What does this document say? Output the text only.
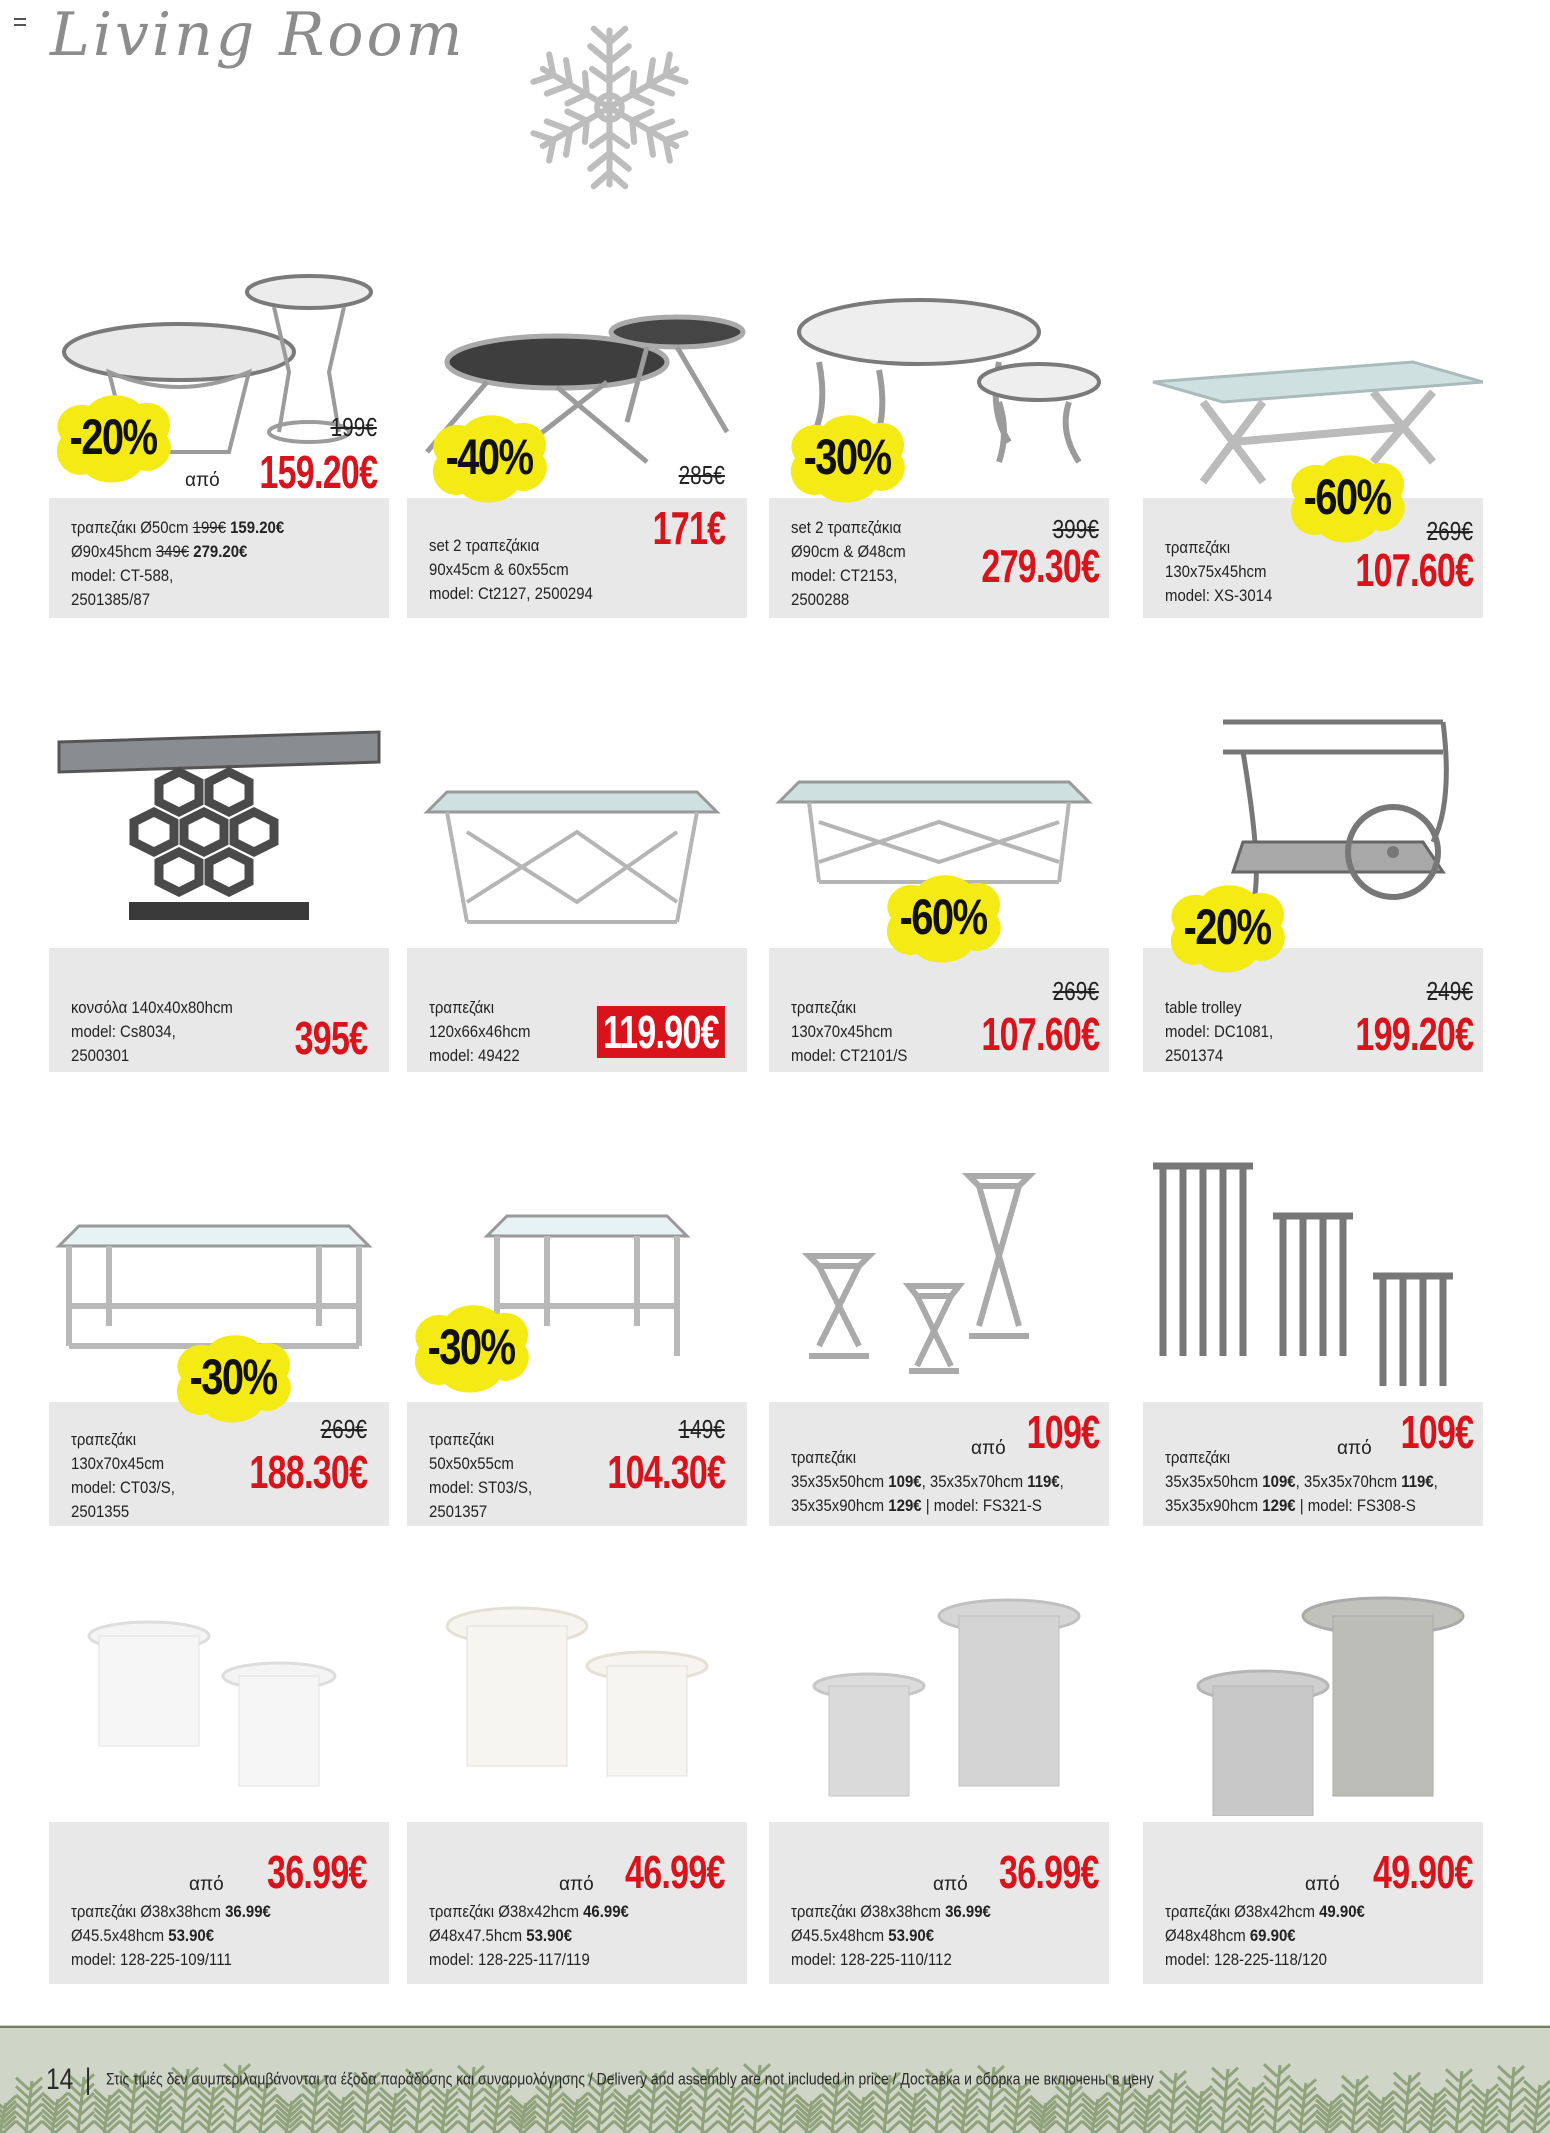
Living Room
τραπεζάκι Ø50cm 199€ 159.20€
Ø90x45hcm 349€ 279.20€
model: CT-588,
2501385/87
199€
από 159.20€
-20%
set 2 τραπεζάκια
90x45cm & 60x55cm
model: Ct2127, 2500294
285€
171€
-40%
set 2 τραπεζάκια
Ø90cm & Ø48cm
model: CT2153,
2500288
399€
279.30€
-30%
τραπεζάκι
130x75x45hcm
model: XS-3014
269€
107.60€
-60%
κονσόλα 140x40x80hcm
model: Cs8034,
2500301	395€
τραπεζάκι
120x66x46hcm
model: 49422 119.90€	τραπεζάκι
130x70x45hcm
model: CT2101/S
269€
107.60€
-60%
table trolley
model: DC1081,
2501374
249€
199.20€
-20%
τραπεζάκι
130x70x45cm
model: CT03/S,
2501355
269€
188.30€
-30%
τραπεζάκι
50x50x55cm
model: ST03/S,
2501357
149€
104.30€
-30%
τραπεζάκι
35x35x50hcm 109€, 35x35x70hcm 119€,
35x35x90hcm 129€ | model: FS321-S
από 109€	τραπεζάκι
35x35x50hcm 109€, 35x35x70hcm 119€,
35x35x90hcm 129€ | model: FS308-S
από 109€
τραπεζάκι Ø38x38hcm 36.99€
Ø45.5x48hcm 53.90€
model: 128-225-109/111
από 36.99€
τραπεζάκι Ø38x42hcm 46.99€
Ø48x47.5hcm 53.90€
model: 128-225-117/119
από 46.99€
τραπεζάκι Ø38x38hcm 36.99€
Ø45.5x48hcm 53.90€
model: 128-225-110/112
από 36.99€
τραπεζάκι Ø38x42hcm 49.90€
Ø48x48hcm 69.90€
model: 128-225-118/120
από 49.90€
14 | Στις τιμές δεν συμπεριλαμβάνονται τα έξοδα παράδοσης και συναρμολόγησης / Delivery and assembly are not included in price / Доставка и сборка не включены в цену
